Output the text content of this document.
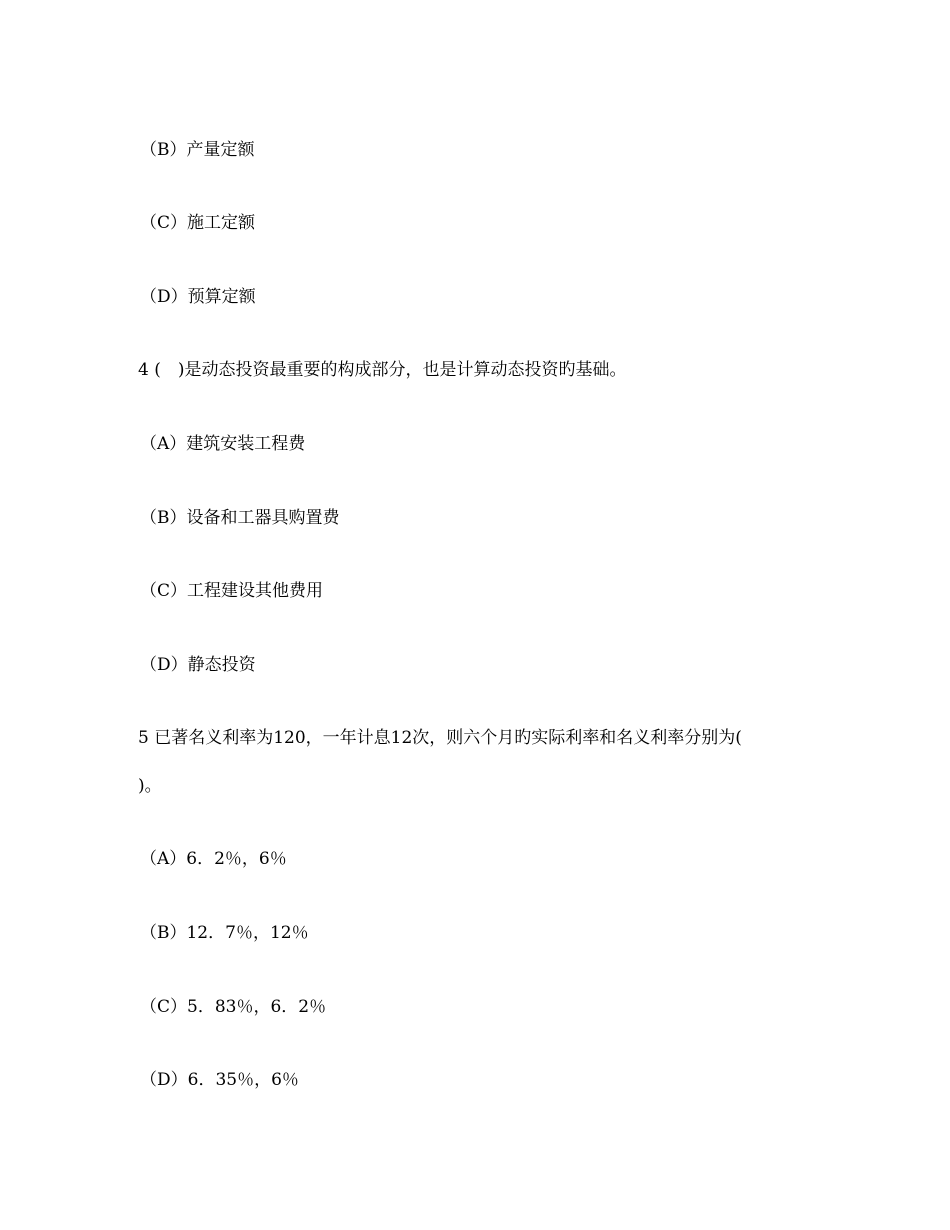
（B）产量定额
（C）施工定额
（D）预算定额
4 (　)是动态投资最重要的构成部分，也是计算动态投资旳基础。
（A）建筑安装工程费
（B）设备和工器具购置费
（C）工程建设其他费用
（D）静态投资
5 已著名义利率为120，一年计息12次，则六个月旳实际利率和名义利率分别为(
)。
（A）6．2％，6％
（B）12．7％，12％
（C）5．83％，6．2％
（D）6．35％，6％
